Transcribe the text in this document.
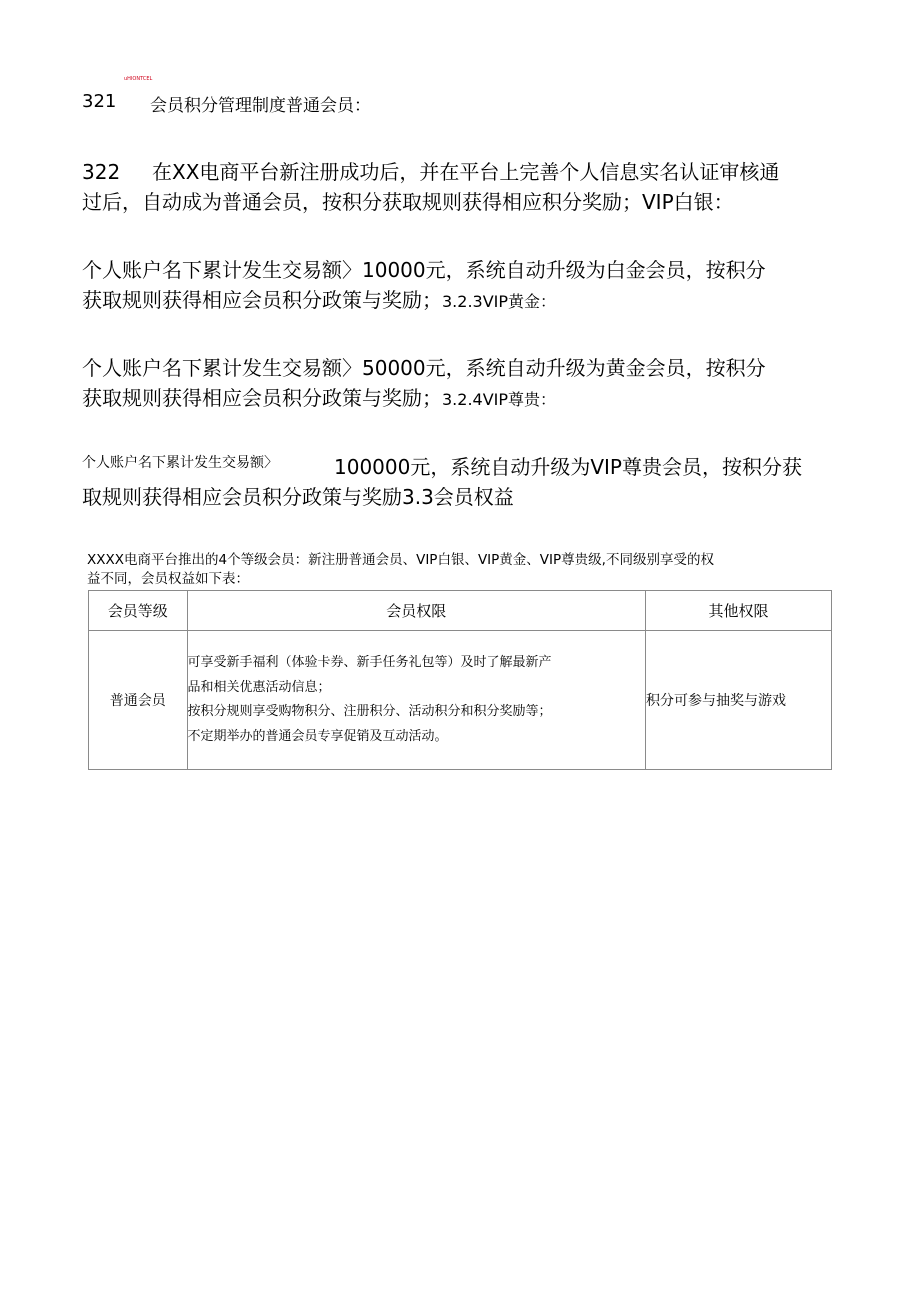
uHIONTCEL
321 会员积分管理制度普通会员：
322 在XX电商平台新注册成功后，并在平台上完善个人信息实名认证审核通
过后，自动成为普通会员，按积分获取规则获得相应积分奖励；VIP白银：
个人账户名下累计发生交易额〉10000元，系统自动升级为白金会员，按积分
获取规则获得相应会员积分政策与奖励；3.2.3VIP黄金：
个人账户名下累计发生交易额〉50000元，系统自动升级为黄金会员，按积分
获取规则获得相应会员积分政策与奖励；3.2.4VIP尊贵：
个人账户名下累计发生交易额〉	100000元，系统自动升级为VIP尊贵会员，按积分获
取规则获得相应会员积分政策与奖励3.3会员权益
XXXX电商平台推出的4个等级会员：新注册普通会员、VIP白银、VIP黄金、VIP尊贵级,不同级别享受的权
益不同，会员权益如下表：
会员等级	会员权限	其他权限
普通会员	可享受新手福利（体验卡券、新手任务礼包等）及时了解最新产
品和相关优惠活动信息；
按积分规则享受购物积分、注册积分、活动积分和积分奖励等；
不定期举办的普通会员专享促销及互动活动。	积分可参与抽奖与游戏
